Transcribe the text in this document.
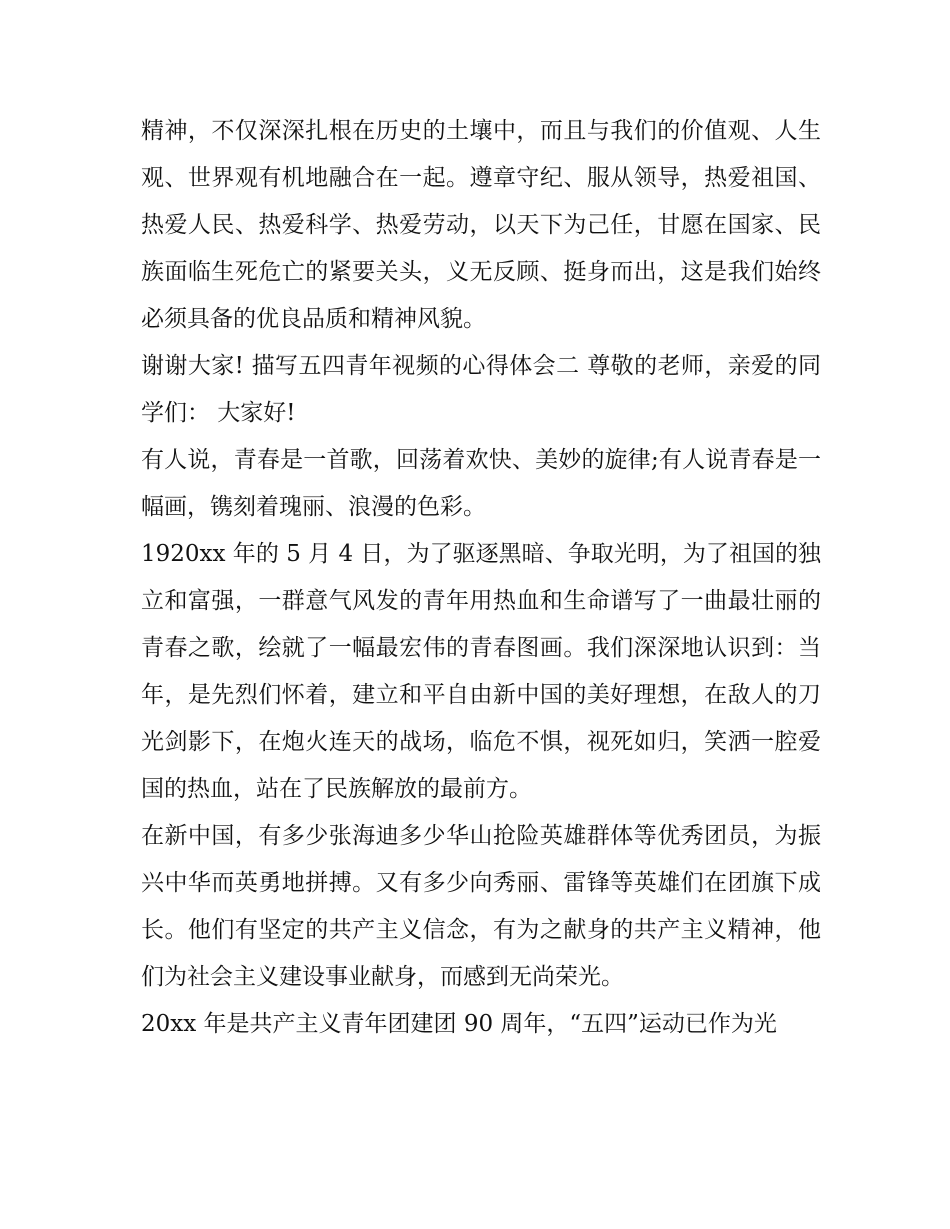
精神，不仅深深扎根在历史的土壤中，而且与我们的价值观、人生观、世界观有机地融合在一起。遵章守纪、服从领导，热爱祖国、热爱人民、热爱科学、热爱劳动，以天下为己任，甘愿在国家、民族面临生死危亡的紧要关头，义无反顾、挺身而出，这是我们始终必须具备的优良品质和精神风貌。

谢谢大家! 描写五四青年视频的心得体会二 尊敬的老师，亲爱的同学们： 大家好!

有人说，青春是一首歌，回荡着欢快、美妙的旋律;有人说青春是一幅画，镌刻着瑰丽、浪漫的色彩。

1920xx 年的 5 月 4 日，为了驱逐黑暗、争取光明，为了祖国的独立和富强，一群意气风发的青年用热血和生命谱写了一曲最壮丽的青春之歌，绘就了一幅最宏伟的青春图画。我们深深地认识到：当年，是先烈们怀着，建立和平自由新中国的美好理想，在敌人的刀光剑影下，在炮火连天的战场，临危不惧，视死如归，笑洒一腔爱国的热血，站在了民族解放的最前方。

在新中国，有多少张海迪多少华山抢险英雄群体等优秀团员，为振兴中华而英勇地拼搏。又有多少向秀丽、雷锋等英雄们在团旗下成长。他们有坚定的共产主义信念，有为之献身的共产主义精神，他们为社会主义建设事业献身，而感到无尚荣光。

20xx 年是共产主义青年团建团 90 周年，“五四”运动已作为光
